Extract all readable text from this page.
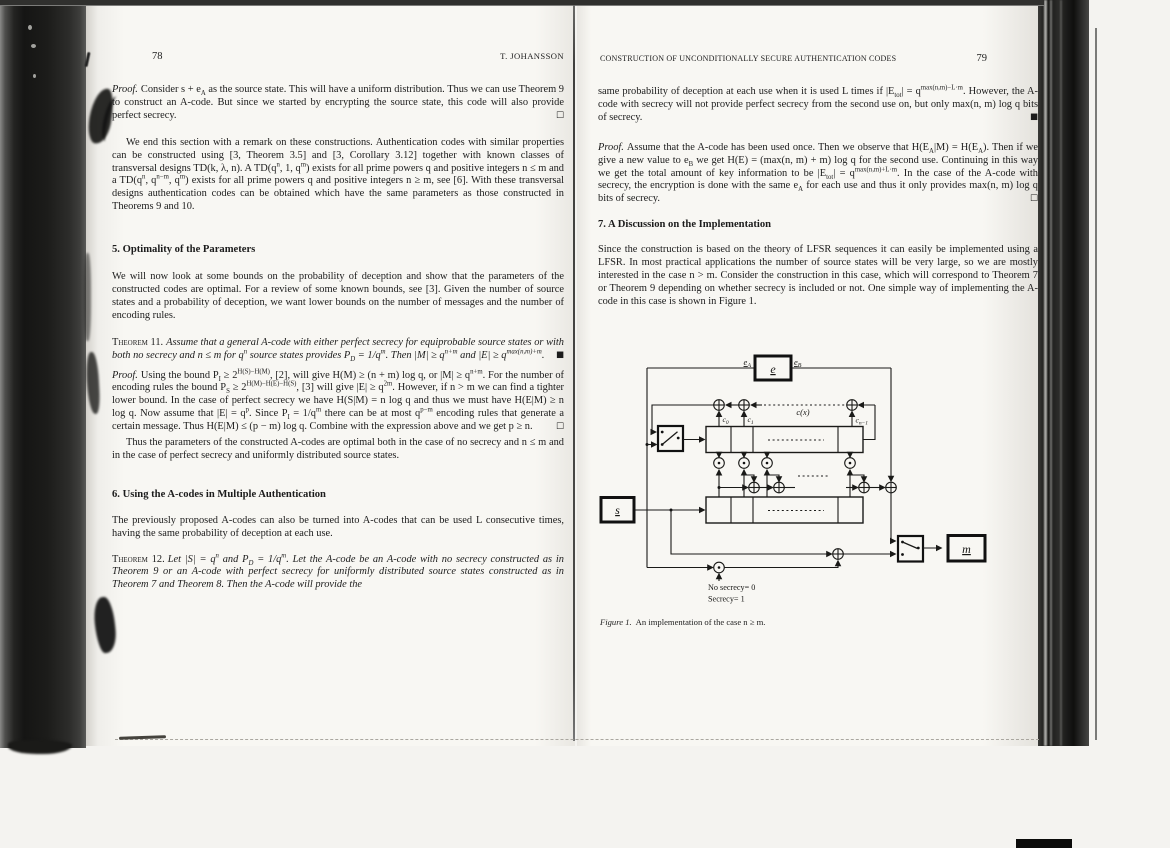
78	T. JOHANSSON	CONSTRUCTION OF UNCONDITIONALLY SECURE AUTHENTICATION CODES	79
Proof. Consider $s + e_A$ as the source state. This will have a uniform distribution. Thus we can use Theorem 9 to construct an A-code. But since we started by encrypting the source state, this code will also provide perfect secrecy.	□
We end this section with a remark on these constructions. Authentication codes with similar properties can be constructed using [3, Theorem 3.5] and [3, Corollary 3.12] together with known classes of transversal designs TD(k, λ, n). A $TD(q^n$, 1, $q^m$) exists for all prime powers q and positive integers n ≤ m and a $TD(q^n$, $q^{n-m}$, $q^m$) exists for all prime powers q and positive integers n ≥ m, see [6]. With these transversal designs authentication codes can be obtained which have the same parameters as those constructed in Theorems 9 and 10.
5. Optimality of the Parameters
We will now look at some bounds on the probability of deception and show that the parameters of the constructed codes are optimal. For a review of some known bounds, see [3]. Given the number of source states and a probability of deception, we want lower bounds on the number of messages and the number of encoding rules.
Theorem 11. Assume that a general A-code with either perfect secrecy for equiprobable source states or with both no secrecy and n ≤ m for $q^n$ source states provides $P_D = 1/q^m$. Then $|M| \ge q^{n+m}$ and $|E| \ge q^{max(n,m)+m}$. ■
Proof. Using the bound $P_I \ge 2^{H(S)-H(M)}$, [2], will give H(M) ≥ (n + m) log q, or $|M| \ge q^{n+m}$. For the number of encoding rules the bound $P_S \ge 2^{H(M)-H(E)-H(S)}$, [3] will give $|E| \ge q^{2m}$. However, if n > m we can find a tighter lower bound. In the case of perfect secrecy we have H(S|M) = n log q and thus we must have H(E|M) ≥ n log q. Now assume that $|E| = q^p$. Since $P_I = 1/q^m$ there can be at most $q^{p-m}$ encoding rules that generate a certain message. Thus H(E|M) ≤ (p − m) log q. Combine with the expression above and we get p ≥ n.	□
Thus the parameters of the constructed A-codes are optimal both in the case of no secrecy and n ≤ m and in the case of perfect secrecy and uniformly distributed source states.
6. Using the A-codes in Multiple Authentication
The previously proposed A-codes can also be turned into A-codes that can be used L consecutive times, having the same probability of deception at each use.
Theorem 12. Let $|S| = q^n$ and $P_D = 1/q^m$. Let the A-code be an A-code with no secrecy constructed as in Theorem 9 or an A-code with perfect secrecy for uniformly distributed source states constructed as in Theorem 7 and Theorem 8. Then the A-code will provide the
same probability of deception at each use when it is used L times if $|E_{tot}| = q^{max(n,m)-L\cdot m}$. However, the A-code with secrecy will not provide perfect secrecy from the second use on, but only max(n, m) log q bits of secrecy.	■
Proof. Assume that the A-code has been used once. Then we observe that $H(E_A|M) = H(E_A)$. Then if we give a new value to $e_B$ we get H(E) = (max(n, m) + m) log q for the second use. Continuing in this way we get the total amount of key information to be $|E_{tot}| = q^{max(n,m)+L\cdot m}$. In the case of the A-code with secrecy, the encryption is done with the same $e_A$ for each use and thus it only provides max(n, m) log q bits of secrecy.	□
7. A Discussion on the Implementation
Since the construction is based on the theory of LFSR sequences it can easily be implemented using a LFSR. In most practical applications the number of source states will be very large, so we are mostly interested in the case n > m. Consider the construction in this case, which will correspond to Theorem 7 or Theorem 9 depending on whether secrecy is included or not. One simple way of implementing the A-code in this case is shown in Figure 1.
e
s
m
$e_A$	$e_B$
c(x)
$c_0$	$c_1$	$c_{n-1}$
No secrecy= 0
Secrecy= 1
Figure 1. An implementation of the case n ≥ m.
